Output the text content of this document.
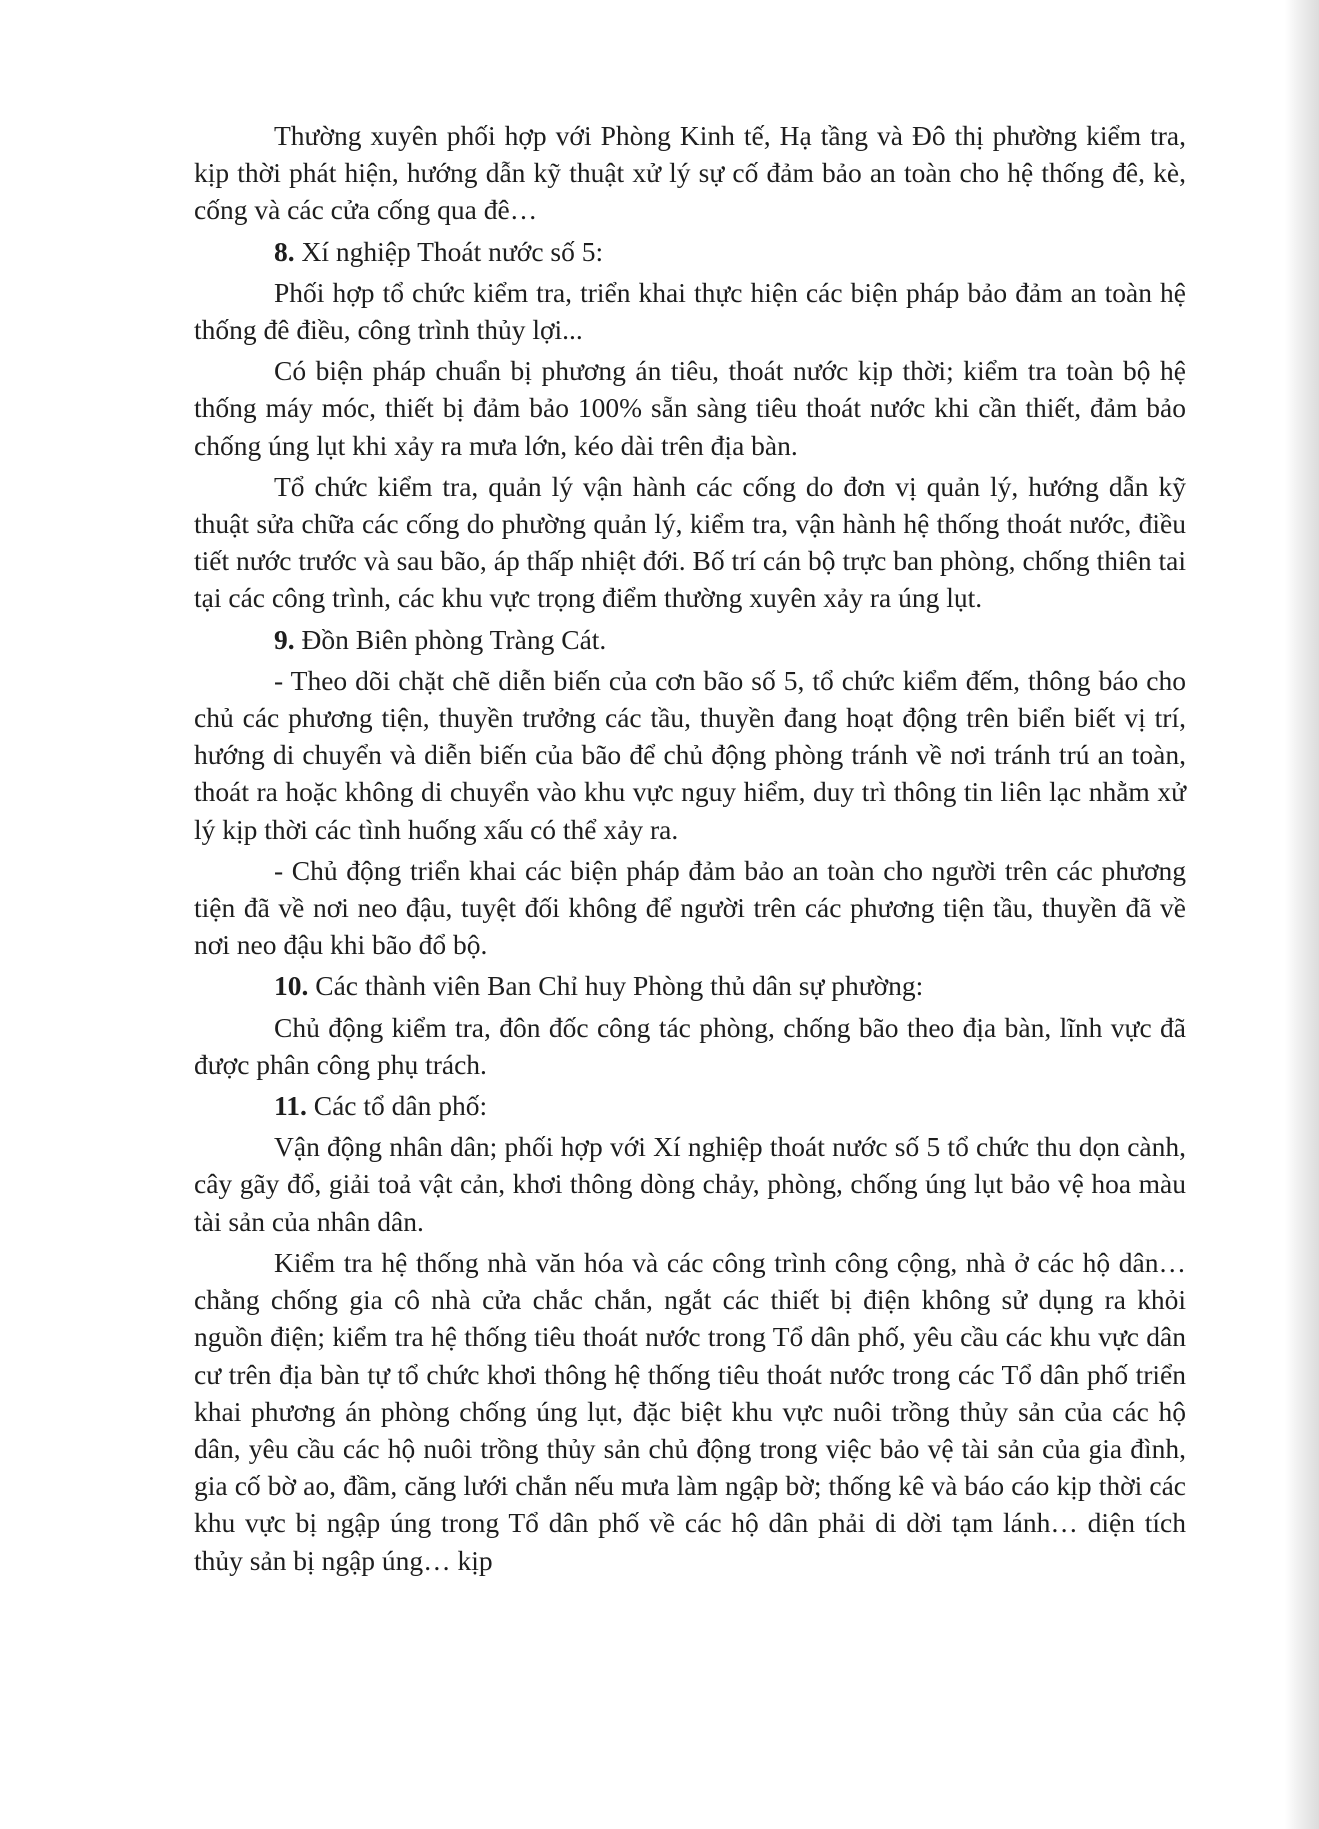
Thường xuyên phối hợp với Phòng Kinh tế, Hạ tầng và Đô thị phường kiểm tra, kịp thời phát hiện, hướng dẫn kỹ thuật xử lý sự cố đảm bảo an toàn cho hệ thống đê, kè, cống và các cửa cống qua đê…

8. Xí nghiệp Thoát nước số 5:

Phối hợp tổ chức kiểm tra, triển khai thực hiện các biện pháp bảo đảm an toàn hệ thống đê điều, công trình thủy lợi...

Có biện pháp chuẩn bị phương án tiêu, thoát nước kịp thời; kiểm tra toàn bộ hệ thống máy móc, thiết bị đảm bảo 100% sẵn sàng tiêu thoát nước khi cần thiết, đảm bảo chống úng lụt khi xảy ra mưa lớn, kéo dài trên địa bàn.

Tổ chức kiểm tra, quản lý vận hành các cống do đơn vị quản lý, hướng dẫn kỹ thuật sửa chữa các cống do phường quản lý, kiểm tra, vận hành hệ thống thoát nước, điều tiết nước trước và sau bão, áp thấp nhiệt đới. Bố trí cán bộ trực ban phòng, chống thiên tai tại các công trình, các khu vực trọng điểm thường xuyên xảy ra úng lụt.

9. Đồn Biên phòng Tràng Cát.

- Theo dõi chặt chẽ diễn biến của cơn bão số 5, tổ chức kiểm đếm, thông báo cho chủ các phương tiện, thuyền trưởng các tầu, thuyền đang hoạt động trên biển biết vị trí, hướng di chuyển và diễn biến của bão để chủ động phòng tránh về nơi tránh trú an toàn, thoát ra hoặc không di chuyển vào khu vực nguy hiểm, duy trì thông tin liên lạc nhằm xử lý kịp thời các tình huống xấu có thể xảy ra.

- Chủ động triển khai các biện pháp đảm bảo an toàn cho người trên các phương tiện đã về nơi neo đậu, tuyệt đối không để người trên các phương tiện tầu, thuyền đã về nơi neo đậu khi bão đổ bộ.

10. Các thành viên Ban Chỉ huy Phòng thủ dân sự phường:

Chủ động kiểm tra, đôn đốc công tác phòng, chống bão theo địa bàn, lĩnh vực đã được phân công phụ trách.

11. Các tổ dân phố:

Vận động nhân dân; phối hợp với Xí nghiệp thoát nước số 5 tổ chức thu dọn cành, cây gãy đổ, giải toả vật cản, khơi thông dòng chảy, phòng, chống úng lụt bảo vệ hoa màu tài sản của nhân dân.

Kiểm tra hệ thống nhà văn hóa và các công trình công cộng, nhà ở các hộ dân… chằng chống gia cô nhà cửa chắc chắn, ngắt các thiết bị điện không sử dụng ra khỏi nguồn điện; kiểm tra hệ thống tiêu thoát nước trong Tổ dân phố, yêu cầu các khu vực dân cư trên địa bàn tự tổ chức khơi thông hệ thống tiêu thoát nước trong các Tổ dân phố triển khai phương án phòng chống úng lụt, đặc biệt khu vực nuôi trồng thủy sản của các hộ dân, yêu cầu các hộ nuôi trồng thủy sản chủ động trong việc bảo vệ tài sản của gia đình, gia cố bờ ao, đầm, căng lưới chắn nếu mưa làm ngập bờ; thống kê và báo cáo kịp thời các khu vực bị ngập úng trong Tổ dân phố về các hộ dân phải di dời tạm lánh… diện tích thủy sản bị ngập úng… kịp
